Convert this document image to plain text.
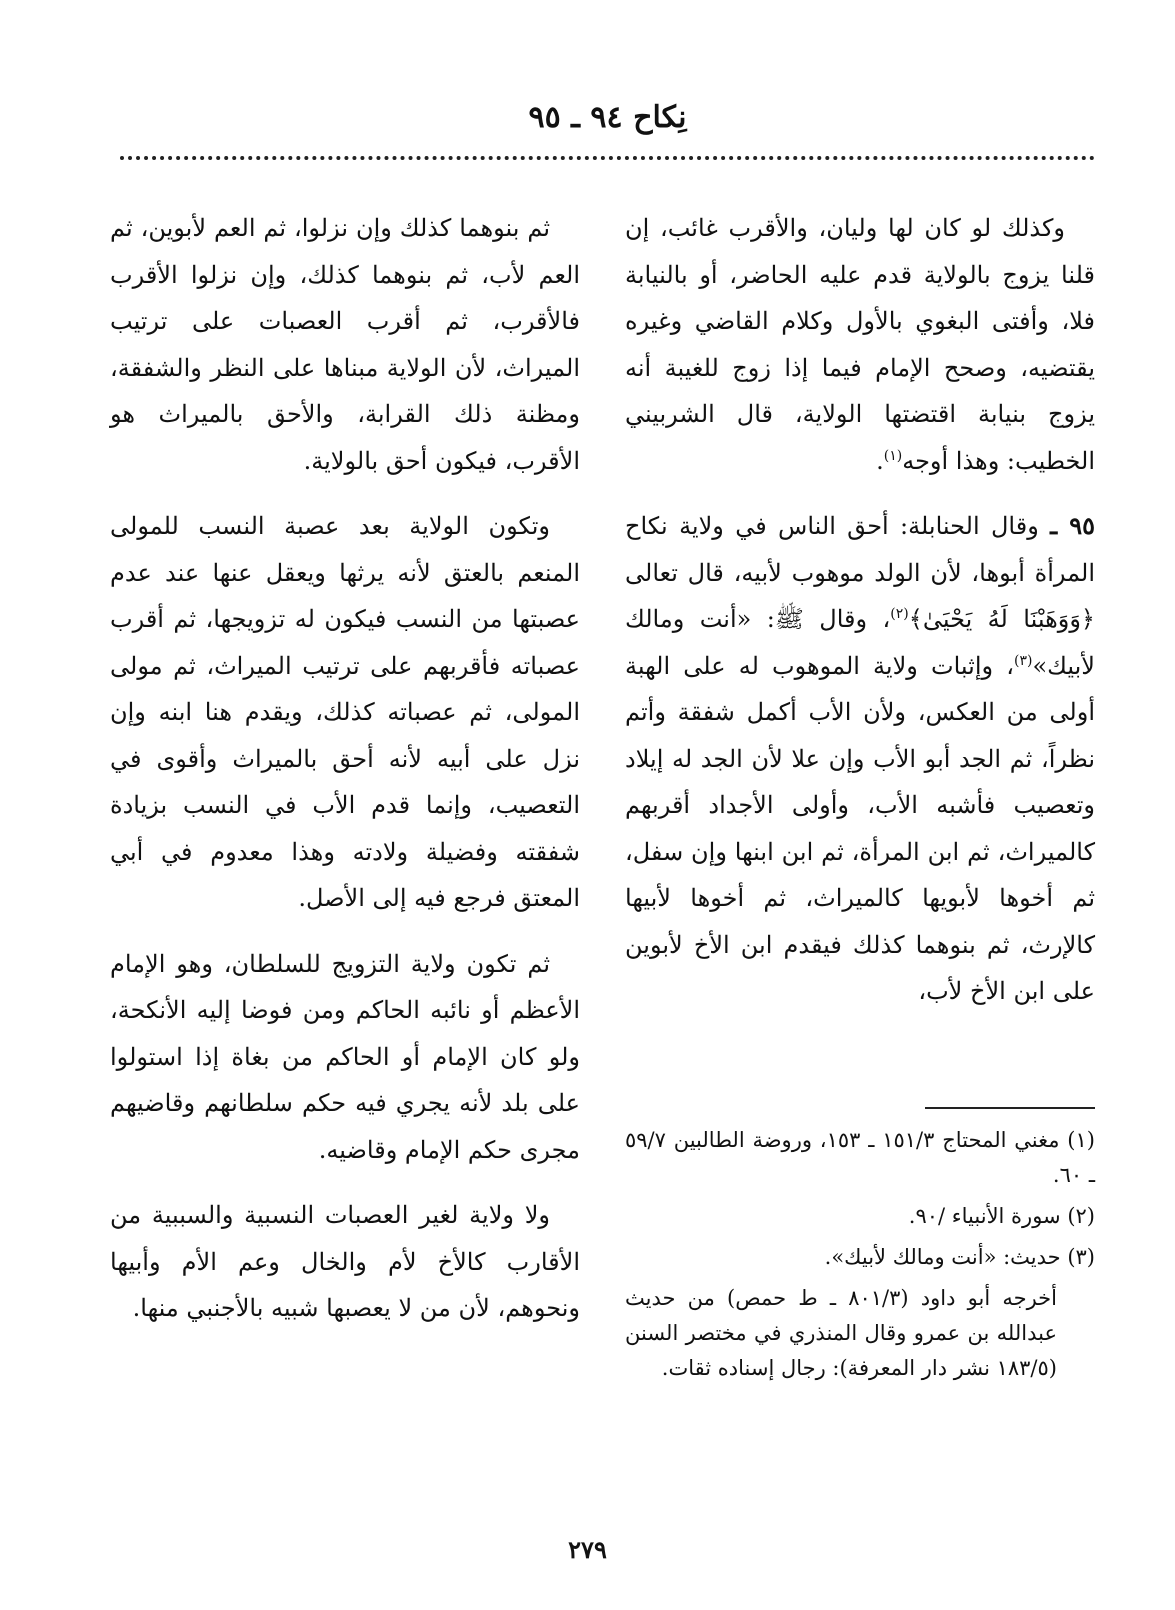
نِكاح ٩٤ ـ ٩٥

وكذلك لو كان لها وليان، والأقرب غائب، إن قلنا يزوج بالولاية قدم عليه الحاضر، أو بالنيابة فلا، وأفتى البغوي بالأول وكلام القاضي وغيره يقتضيه، وصحح الإمام فيما إذا زوج للغيبة أنه يزوج بنيابة اقتضتها الولاية، قال الشربيني الخطيب: وهذا أوجه$^{(١)}$.

٩٥ ـ وقال الحنابلة: أحق الناس في ولاية نكاح المرأة أبوها، لأن الولد موهوب لأبيه، قال تعالى ﴿وَوَهَبْنَا لَهُ يَحْيَىٰ﴾$^{(٢)}$، وقال ﷺ: «أنت ومالك لأبيك»$^{(٣)}$، وإثبات ولاية الموهوب له على الهبة أولى من العكس، ولأن الأب أكمل شفقة وأتم نظراً، ثم الجد أبو الأب وإن علا لأن الجد له إيلاد وتعصيب فأشبه الأب، وأولى الأجداد أقربهم كالميراث، ثم ابن المرأة، ثم ابن ابنها وإن سفل، ثم أخوها لأبويها كالميراث، ثم أخوها لأبيها كالإرث، ثم بنوهما كذلك فيقدم ابن الأخ لأبوين على ابن الأخ لأب،

ثم بنوهما كذلك وإن نزلوا، ثم العم لأبوين، ثم العم لأب، ثم بنوهما كذلك، وإن نزلوا الأقرب فالأقرب، ثم أقرب العصبات على ترتيب الميراث، لأن الولاية مبناها على النظر والشفقة، ومظنة ذلك القرابة، والأحق بالميراث هو الأقرب، فيكون أحق بالولاية.

وتكون الولاية بعد عصبة النسب للمولى المنعم بالعتق لأنه يرثها ويعقل عنها عند عدم عصبتها من النسب فيكون له تزويجها، ثم أقرب عصباته فأقربهم على ترتيب الميراث، ثم مولى المولى، ثم عصباته كذلك، ويقدم هنا ابنه وإن نزل على أبيه لأنه أحق بالميراث وأقوى في التعصيب، وإنما قدم الأب في النسب بزيادة شفقته وفضيلة ولادته وهذا معدوم في أبي المعتق فرجع فيه إلى الأصل.

ثم تكون ولاية التزويج للسلطان، وهو الإمام الأعظم أو نائبه الحاكم ومن فوضا إليه الأنكحة، ولو كان الإمام أو الحاكم من بغاة إذا استولوا على بلد لأنه يجري فيه حكم سلطانهم وقاضيهم مجرى حكم الإمام وقاضيه.

ولا ولاية لغير العصبات النسبية والسببية من الأقارب كالأخ لأم والخال وعم الأم وأبيها ونحوهم، لأن من لا يعصبها شبيه بالأجنبي منها.

(١) مغني المحتاج ١٥١/٣ ـ ١٥٣، وروضة الطالبين ٥٩/٧ ـ ٦٠.

(٢) سورة الأنبياء /٩٠.

(٣) حديث: «أنت ومالك لأبيك».

أخرجه أبو داود (٨٠١/٣ ـ ط حمص) من حديث عبدالله بن عمرو وقال المنذري في مختصر السنن (١٨٣/٥ نشر دار المعرفة): رجال إسناده ثقات.

٢٧٩
